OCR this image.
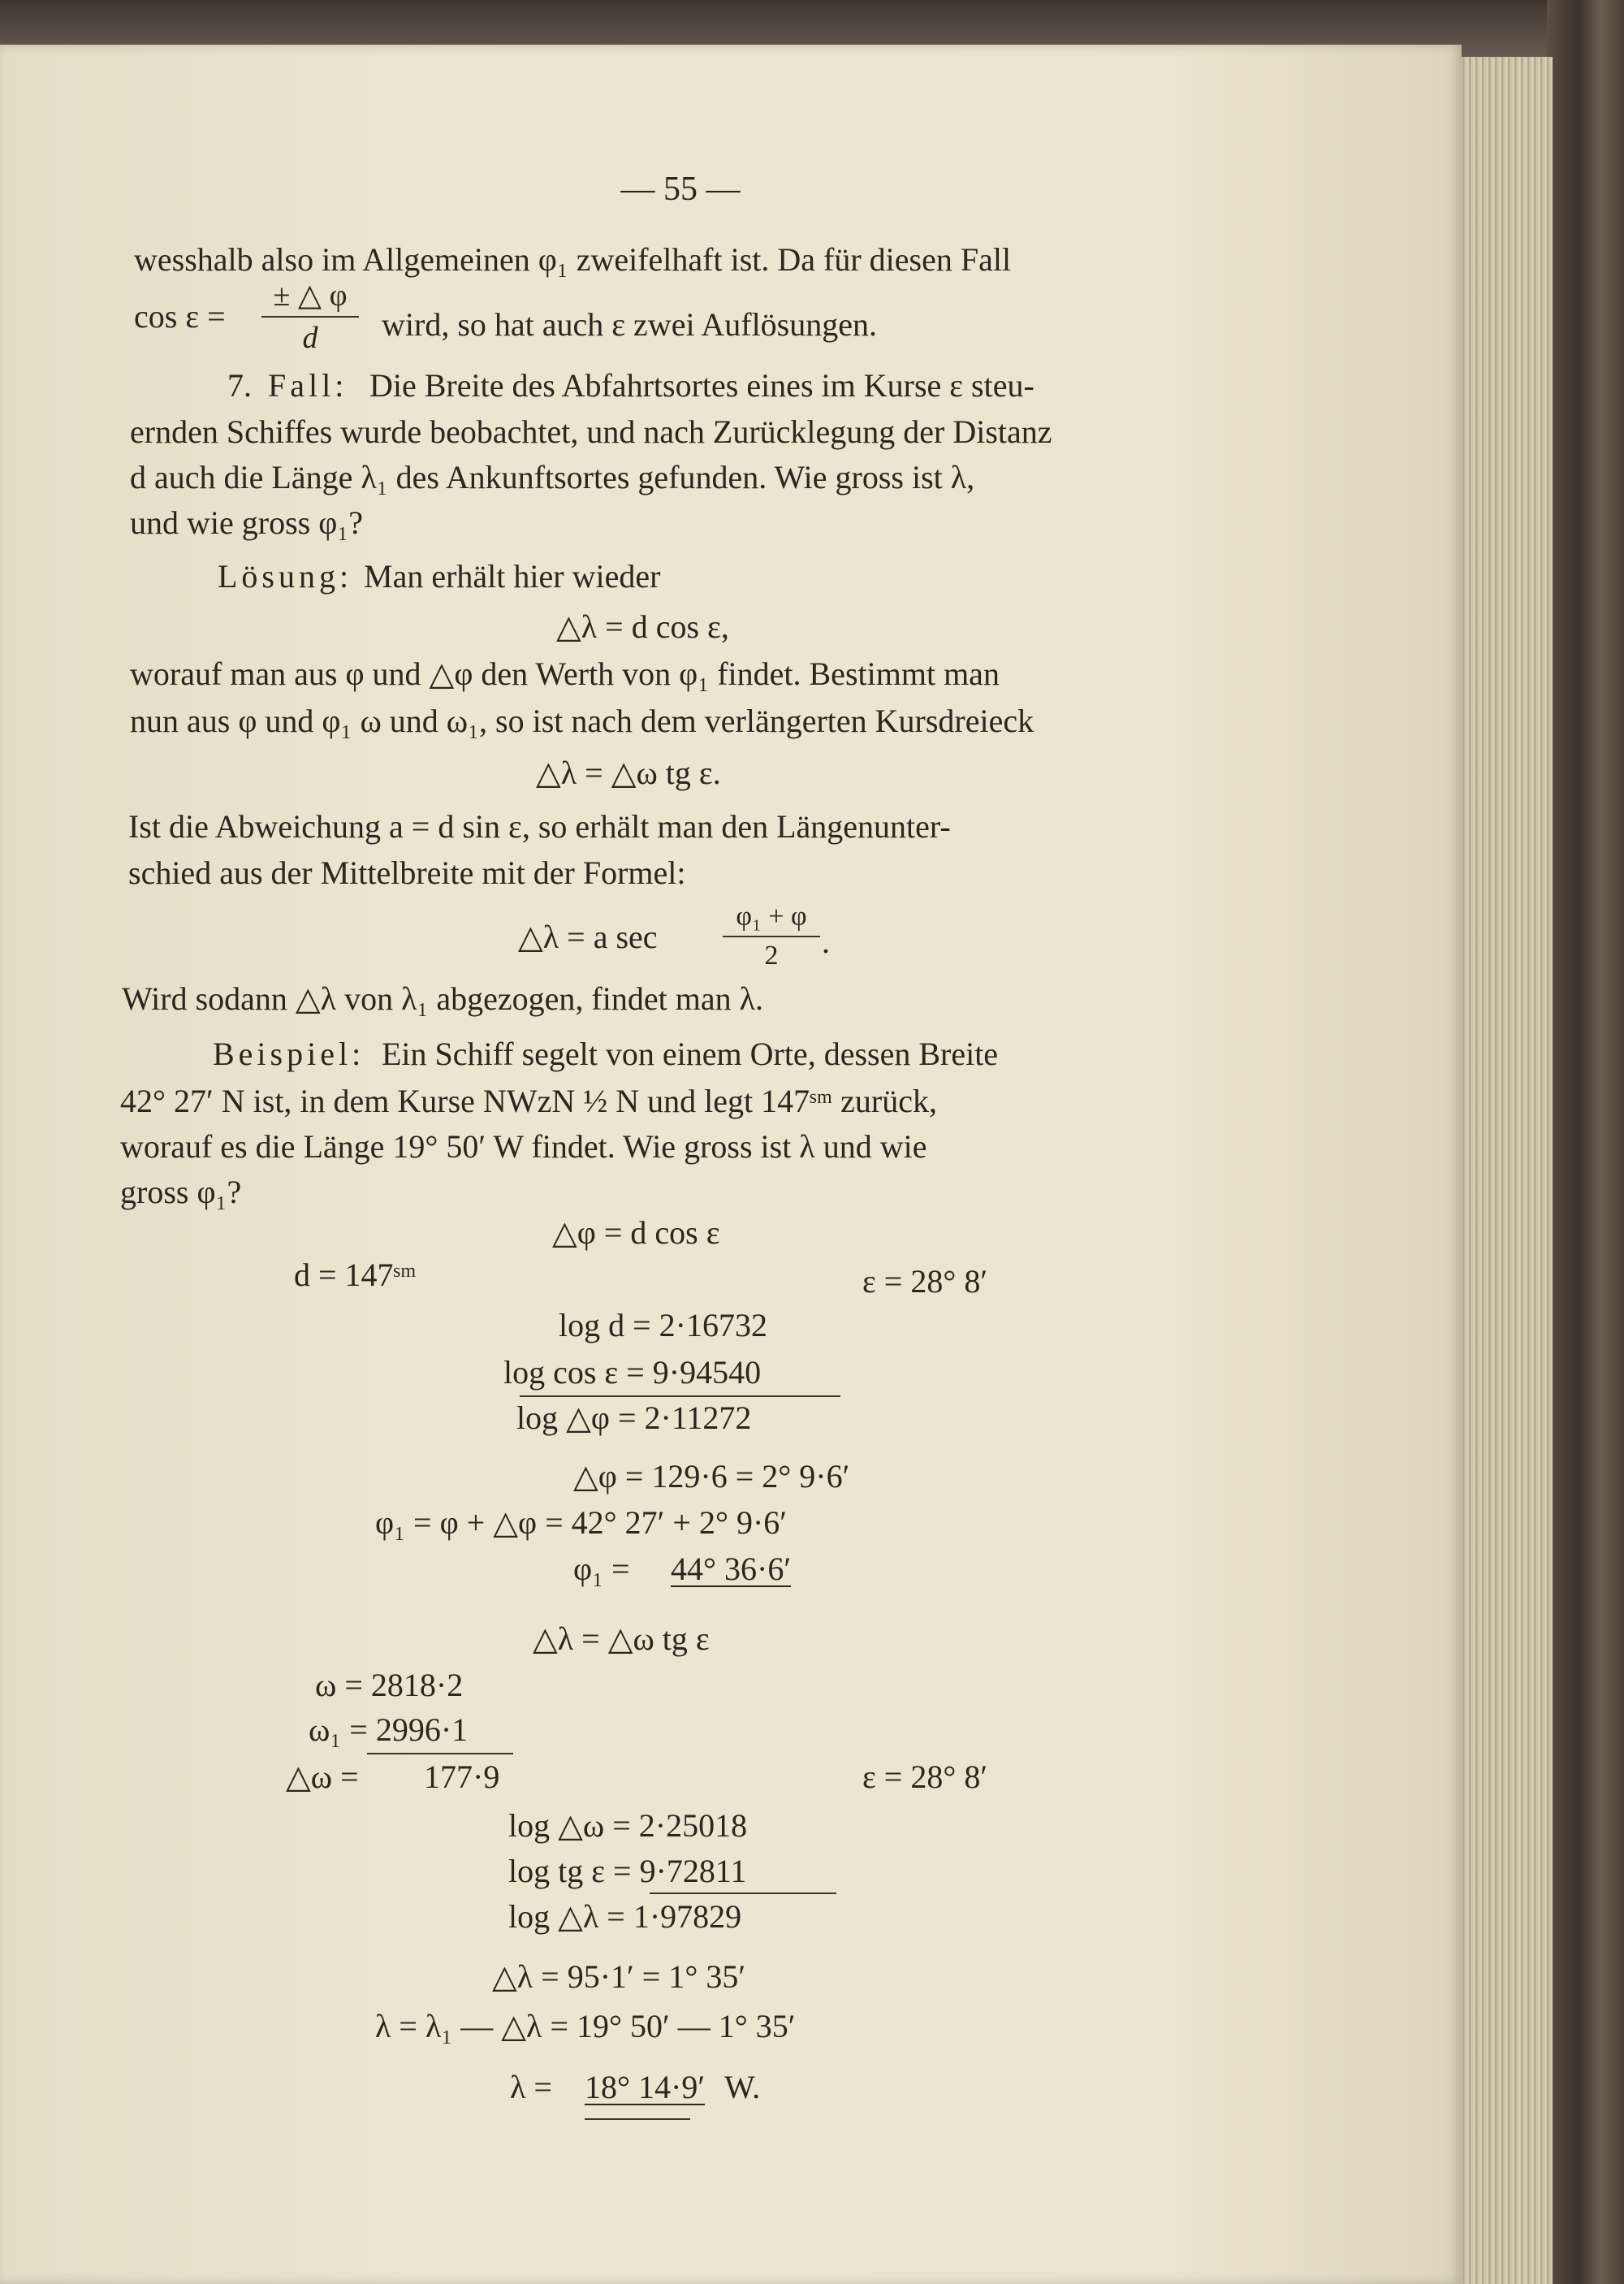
— 55 —
wesshalb also im Allgemeinen φ₁ zweifelhaft ist. Da für diesen Fall
$\cos \varepsilon = \frac{\pm \triangle \varphi}{d}$ wird, so hat auch ε zwei Auflösungen.
7. Fall: Die Breite des Abfahrtsortes eines im Kurse ε steu-
ernden Schiffes wurde beobachtet, und nach Zurücklegung der Distanz
d auch die Länge λ₁ des Ankunftsortes gefunden. Wie gross ist λ,
und wie gross φ₁?
Lösung: Man erhält hier wieder
△λ = d cos ε,
worauf man aus φ und △φ den Werth von φ₁ findet. Bestimmt man
nun aus φ und φ₁ ω und ω₁, so ist nach dem verlängerten Kursdreieck
△λ = △ω tg ε.
Ist die Abweichung a = d sin ε, so erhält man den Längenunter-
schied aus der Mittelbreite mit der Formel:
△λ = a $\sec \frac{\text{φ₁ + φ}}{2}$ .
Wird sodann △λ von λ₁ abgezogen, findet man λ.
Beispiel: Ein Schiff segelt von einem Orte, dessen Breite
42° 27′ N ist, in dem Kurse NWzN ½ N und legt 147ˢᵐ zurück,
worauf es die Länge 19° 50′ W findet. Wie gross ist λ und wie
gross φ₁?
△φ = d cos ε
d = 147ˢᵐ	ε = 28° 8′
log d = 2·16732
log cos ε = 9·94540
log △φ = 2·11272
△φ = 129·6 = 2° 9·6′
φ₁ = φ + △φ = 42° 27′ + 2° 9·6′
φ₁ = 44° 36·6′
△λ = △ω tg ε
ω = 2818·2
ω₁ = 2996·1
△ω = 177·9	ε = 28° 8′
log △ω = 2·25018
log tg ε = 9·72811
log △λ = 1·97829
△λ = 95·1′ = 1° 35′
λ = λ₁ — △λ = 19° 50′ — 1° 35′
λ = 18° 14·9′ W.
